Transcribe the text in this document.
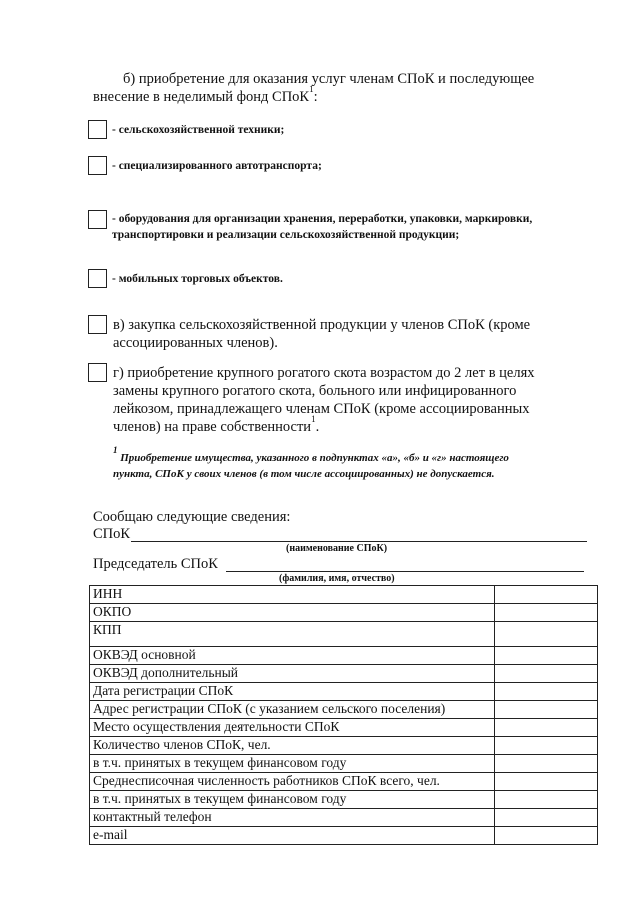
б) приобретение для оказания услуг членам СПоК и последующее
внесение в неделимый фонд СПоК$^1$:
- сельскохозяйственной техники;
- специализированного автотранспорта;
- оборудования для организации хранения, переработки, упаковки, маркировки,
транспортировки и реализации сельскохозяйственной продукции;
- мобильных торговых объектов.
в) закупка сельскохозяйственной продукции у членов СПоК (кроме
ассоциированных членов).
г) приобретение крупного рогатого скота возрастом до 2 лет в целях
замены крупного рогатого скота, больного или инфицированного
лейкозом, принадлежащего членам СПоК (кроме ассоциированных
членов) на праве собственности$^1$.
$^1$ Приобретение имущества, указанного в подпунктах «а», «б» и «г» настоящего
пункта, СПоК у своих членов (в том числе ассоциированных) не допускается.
Сообщаю следующие сведения:
СПоК
(наименование СПоК)
Председатель СПоК
(фамилия, имя, отчество)
ИНН	
ОКПО	
КПП	
ОКВЭД основной	
ОКВЭД дополнительный	
Дата регистрации СПоК	
Адрес регистрации СПоК (с указанием сельского поселения)	
Место осуществления деятельности СПоК	
Количество членов СПоК, чел.	
в т.ч. принятых в текущем финансовом году	
Среднесписочная численность работников СПоК всего, чел.	
в т.ч. принятых в текущем финансовом году	
контактный телефон	
e-mail	
